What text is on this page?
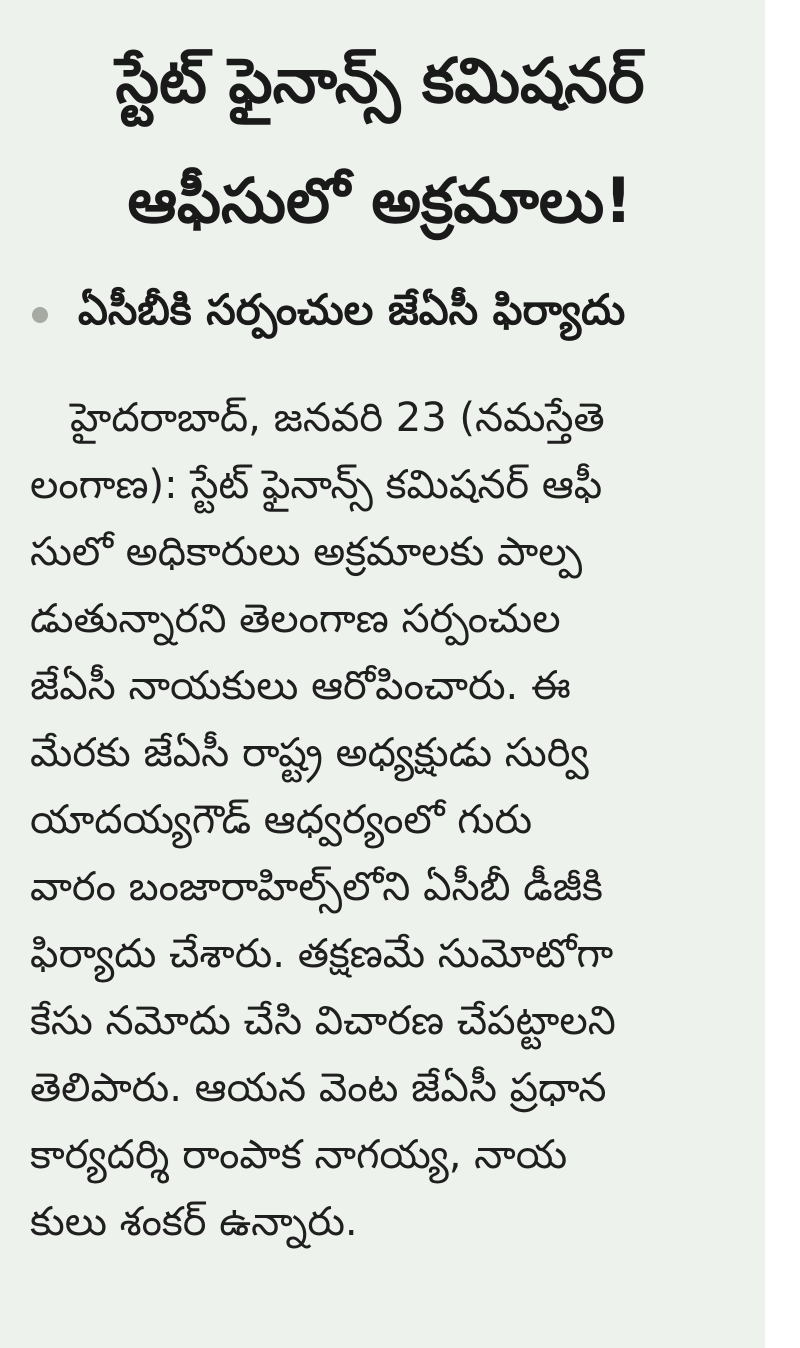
స్టేట్ ఫైనాన్స్ కమిషనర్
ఆఫీసులో అక్రమాలు!
ఏసీబీకి సర్పంచుల జేఏసీ ఫిర్యాదు
హైదరాబాద్, జనవరి 23 (నమస్తేతె
లంగాణ): స్టేట్ ఫైనాన్స్ కమిషనర్ ఆఫీ
సులో అధికారులు అక్రమాలకు పాల్ప
డుతున్నారని తెలంగాణ సర్పంచుల
జేఏసీ నాయకులు ఆరోపించారు. ఈ
మేరకు జేఏసీ రాష్ట్ర అధ్యక్షుడు సుర్వి
యాదయ్యగౌడ్ ఆధ్వర్యంలో గురు
వారం బంజారాహిల్స్‌లోని ఏసీబీ డీజీకి
ఫిర్యాదు చేశారు. తక్షణమే సుమోటోగా
కేసు నమోదు చేసి విచారణ చేపట్టాలని
తెలిపారు. ఆయన వెంట జేఏసీ ప్రధాన
కార్యదర్శి రాంపాక నాగయ్య, నాయ
కులు శంకర్ ఉన్నారు.
